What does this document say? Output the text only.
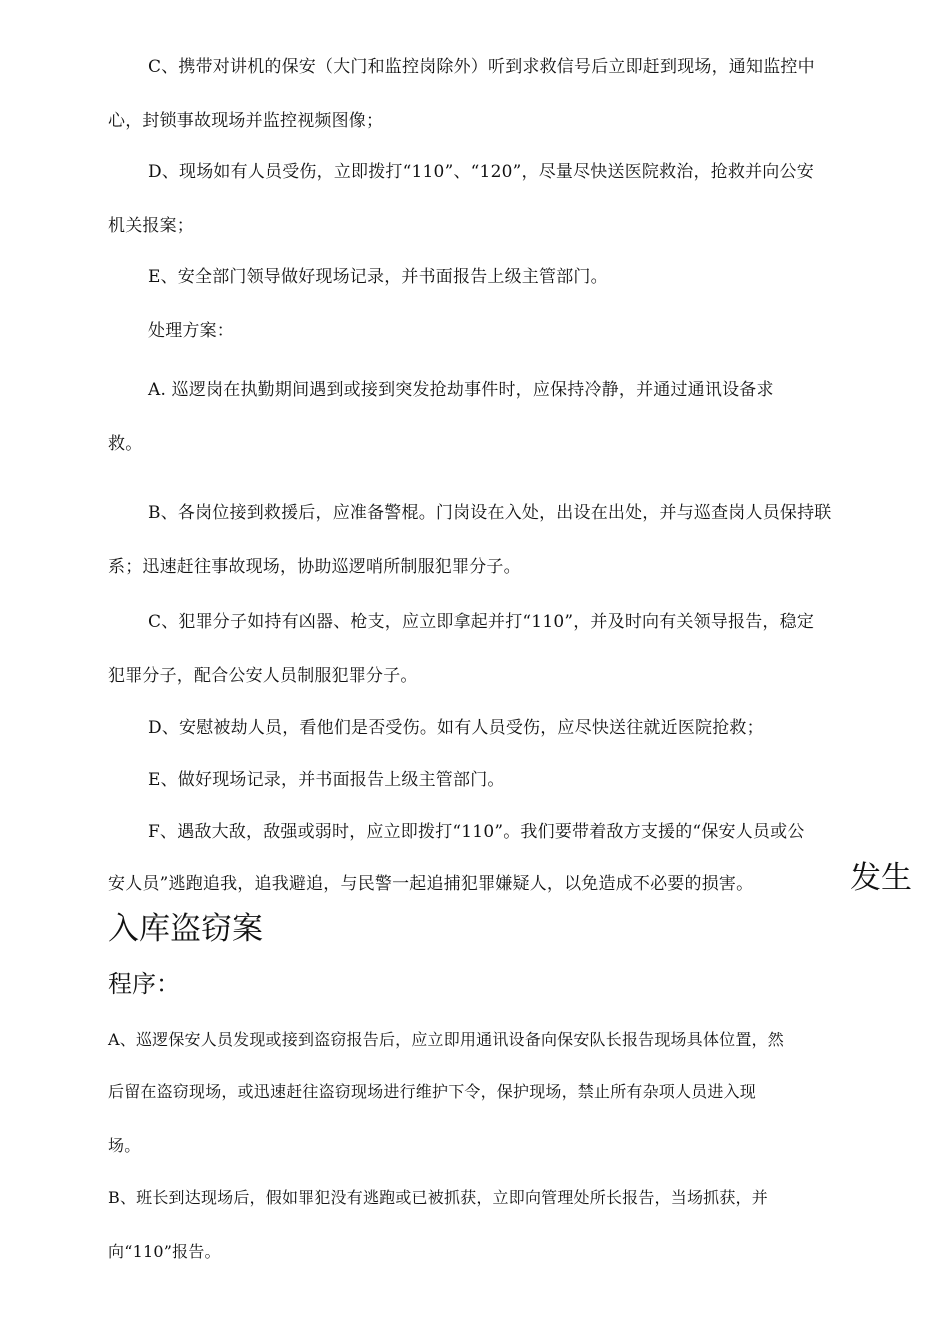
C、携带对讲机的保安（大门和监控岗除外）听到求救信号后立即赶到现场，通知监控中
心，封锁事故现场并监控视频图像；
D、现场如有人员受伤，立即拨打“110”、“120”，尽量尽快送医院救治，抢救并向公安
机关报案；
E、安全部门领导做好现场记录，并书面报告上级主管部门。
处理方案：
A. 巡逻岗在执勤期间遇到或接到突发抢劫事件时，应保持冷静，并通过通讯设备求
救。
B、各岗位接到救援后，应准备警棍。门岗设在入处，出设在出处，并与巡查岗人员保持联
系；迅速赶往事故现场，协助巡逻哨所制服犯罪分子。
C、犯罪分子如持有凶器、枪支，应立即拿起并打“110”，并及时向有关领导报告，稳定
犯罪分子，配合公安人员制服犯罪分子。
D、安慰被劫人员，看他们是否受伤。如有人员受伤，应尽快送往就近医院抢救；
E、做好现场记录，并书面报告上级主管部门。
F、遇敌大敌，敌强或弱时，应立即拨打“110”。我们要带着敌方支援的“保安人员或公
安人员”逃跑追我，追我避追，与民警一起追捕犯罪嫌疑人，以免造成不必要的损害。	发生
入库盗窃案
程序：
A、巡逻保安人员发现或接到盗窃报告后，应立即用通讯设备向保安队长报告现场具体位置，然
后留在盗窃现场，或迅速赶往盗窃现场进行维护下令，保护现场，禁止所有杂项人员进入现
场。
B、班长到达现场后，假如罪犯没有逃跑或已被抓获，立即向管理处所长报告，当场抓获，并
向“110”报告。
